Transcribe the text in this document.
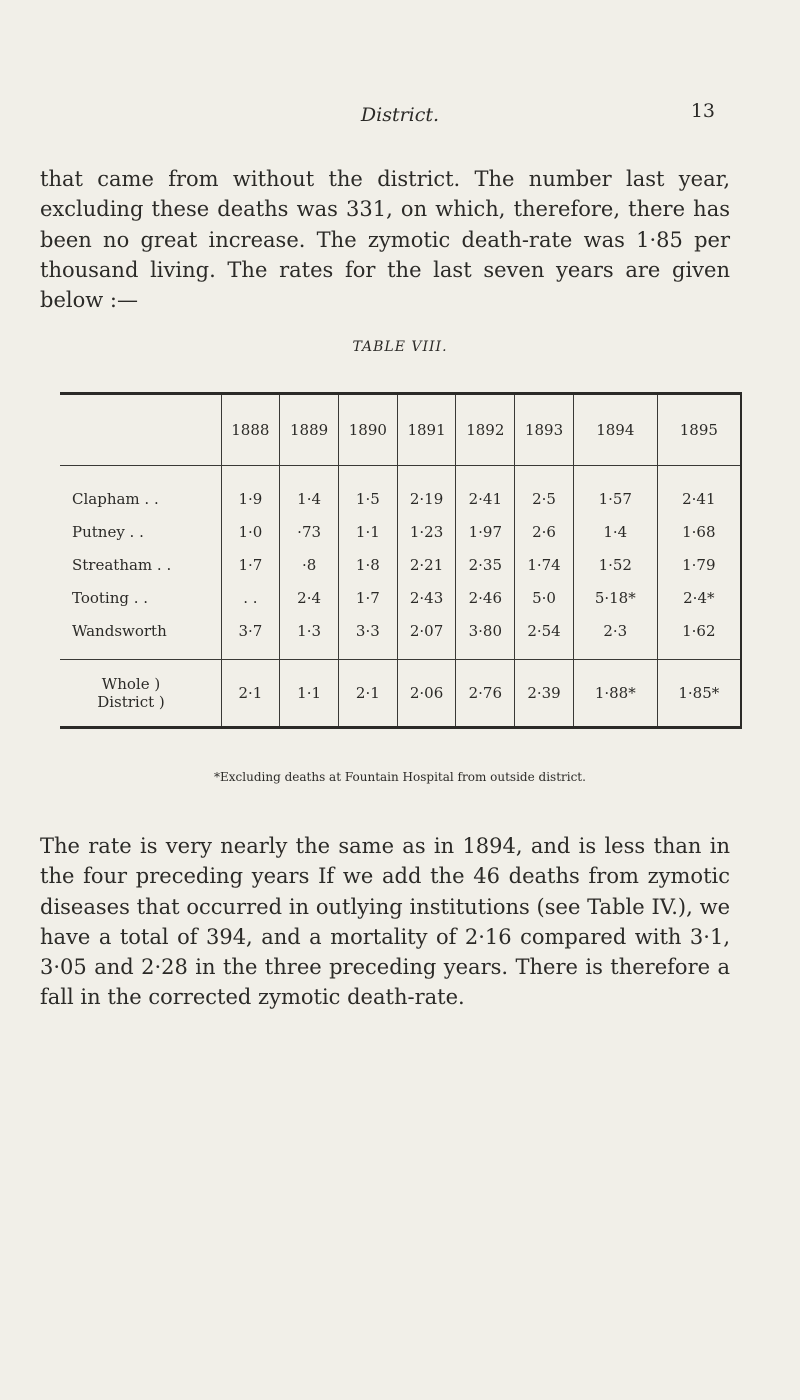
District.	13

that came from without the district. The number last year, excluding these deaths was 331, on which, therefore, there has been no great increase. The zymotic death-rate was 1·85 per thousand living. The rates for the last seven years are given below :—

TABLE VIII.
	1888	1889	1890	1891	1892	1893	1894	1895
Clapham . .	1·9	1·4	1·5	2·19	2·41	2·5	1·57	2·41
Putney . .	1·0	·73	1·1	1·23	1·97	2·6	1·4	1·68
Streatham . .	1·7	·8	1·8	2·21	2·35	1·74	1·52	1·79
Tooting . .	. .	2·4	1·7	2·43	2·46	5·0	5·18*	2·4*
Wandsworth	3·7	1·3	3·3	2·07	3·80	2·54	2·3	1·62
Whole )
District )	2·1	1·1	2·1	2·06	2·76	2·39	1·88*	1·85*
*Excluding deaths at Fountain Hospital from outside district.

The rate is very nearly the same as in 1894, and is less than in the four preceding years If we add the 46 deaths from zymotic diseases that occurred in outlying institutions (see Table IV.), we have a total of 394, and a mortality of 2·16 compared with 3·1, 3·05 and 2·28 in the three preceding years. There is therefore a fall in the corrected zymotic death-rate.
